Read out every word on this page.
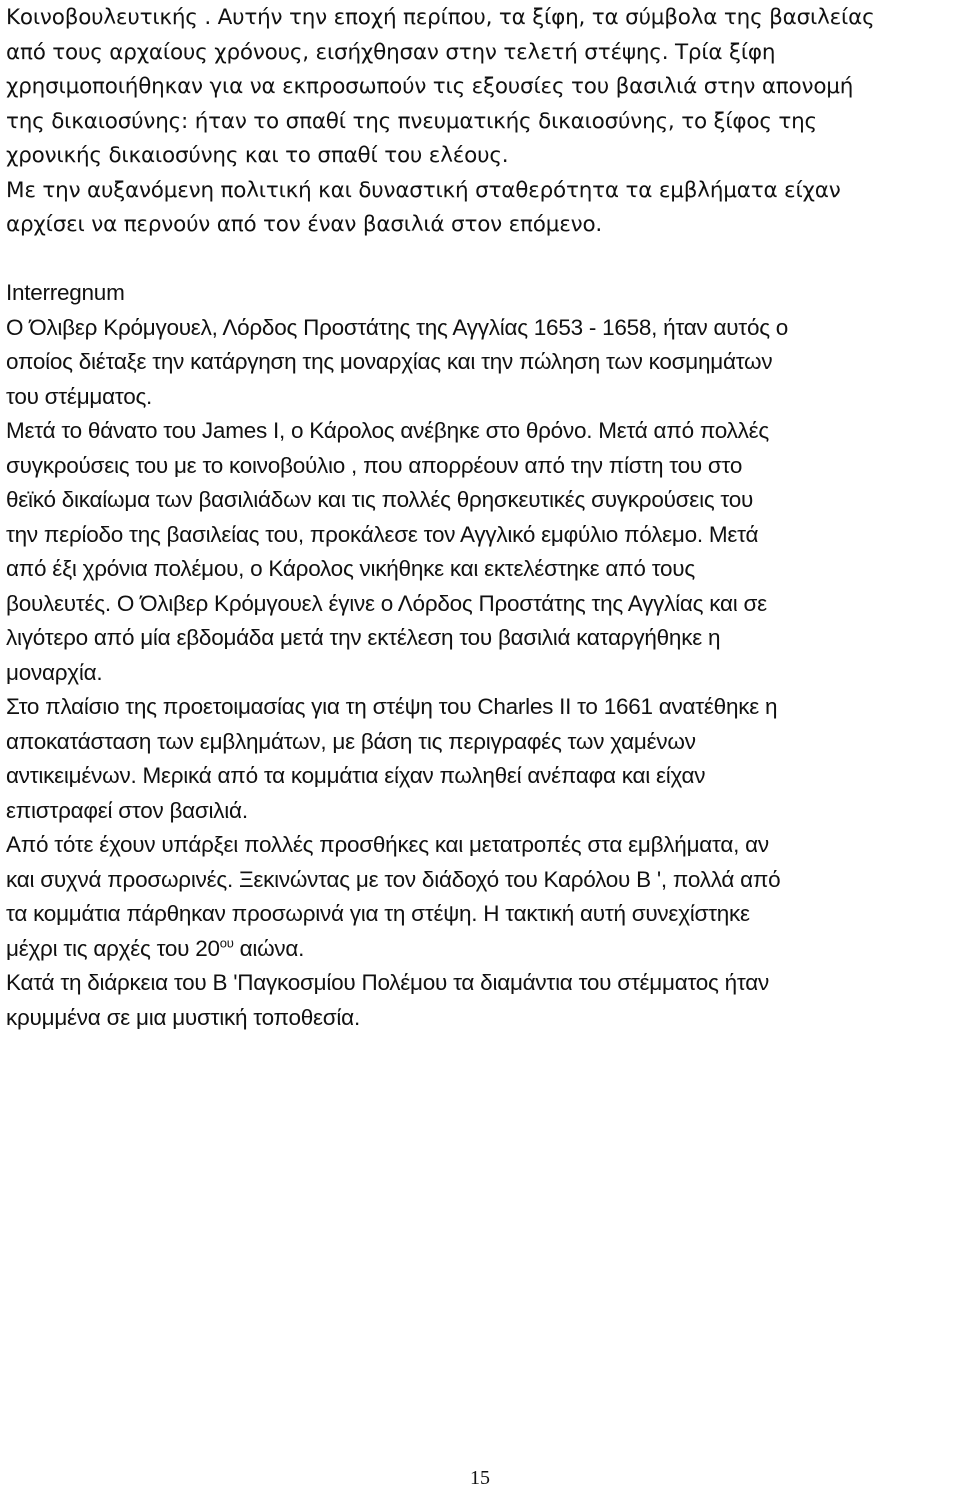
Κοινοβουλευτικής . Αυτήν την εποχή περίπου, τα ξίφη, τα σύμβολα της βασιλείας

από τους αρχαίους χρόνους, εισήχθησαν στην τελετή στέψης. Τρία ξίφη

χρησιμοποιήθηκαν για να εκπροσωπούν τις εξουσίες του βασιλιά στην απονομή

της δικαιοσύνης: ήταν το σπαθί της πνευματικής δικαιοσύνης, το ξίφος της

χρονικής δικαιοσύνης και το σπαθί του ελέους.

Με την αυξανόμενη πολιτική και δυναστική σταθερότητα τα εμβλήματα είχαν

αρχίσει να περνούν από τον έναν βασιλιά στον επόμενο.

Interregnum

Ο Όλιβερ Κρόμγουελ, Λόρδος Προστάτης της Αγγλίας 1653 - 1658, ήταν αυτός ο

οποίος διέταξε την κατάργηση της μοναρχίας και την πώληση των κοσμημάτων

του στέμματος.

Μετά το θάνατο του James I, ο Κάρολος ανέβηκε στο θρόνο. Μετά από πολλές

συγκρούσεις του με το κοινοβούλιο , που απορρέουν από την πίστη του στο

θεϊκό δικαίωμα των βασιλιάδων και τις πολλές θρησκευτικές συγκρούσεις του

την περίοδο της βασιλείας του, προκάλεσε τον Αγγλικό εμφύλιο πόλεμο. Μετά

από έξι χρόνια πολέμου, ο Κάρολος νικήθηκε και εκτελέστηκε από τους

βουλευτές. Ο Όλιβερ Κρόμγουελ έγινε ο Λόρδος Προστάτης της Αγγλίας και σε

λιγότερο από μία εβδομάδα μετά την εκτέλεση του βασιλιά καταργήθηκε η

μοναρχία.

Στο πλαίσιο της προετοιμασίας για τη στέψη του Charles II το 1661 ανατέθηκε η

αποκατάσταση των εμβλημάτων, με βάση τις περιγραφές των χαμένων

αντικειμένων. Μερικά από τα κομμάτια είχαν πωληθεί ανέπαφα και είχαν

επιστραφεί στον βασιλιά.

Από τότε έχουν υπάρξει πολλές προσθήκες και μετατροπές στα εμβλήματα, αν

και συχνά προσωρινές. Ξεκινώντας με τον διάδοχό του Καρόλου Β ', πολλά από

τα κομμάτια πάρθηκαν προσωρινά για τη στέψη. Η τακτική αυτή συνεχίστηκε

μέχρι τις αρχές του $20^{o\upsilon}$ αιώνα.

Κατά τη διάρκεια του Β 'Παγκοσμίου Πολέμου τα διαμάντια του στέμματος ήταν

κρυμμένα σε μια μυστική τοποθεσία.

15
